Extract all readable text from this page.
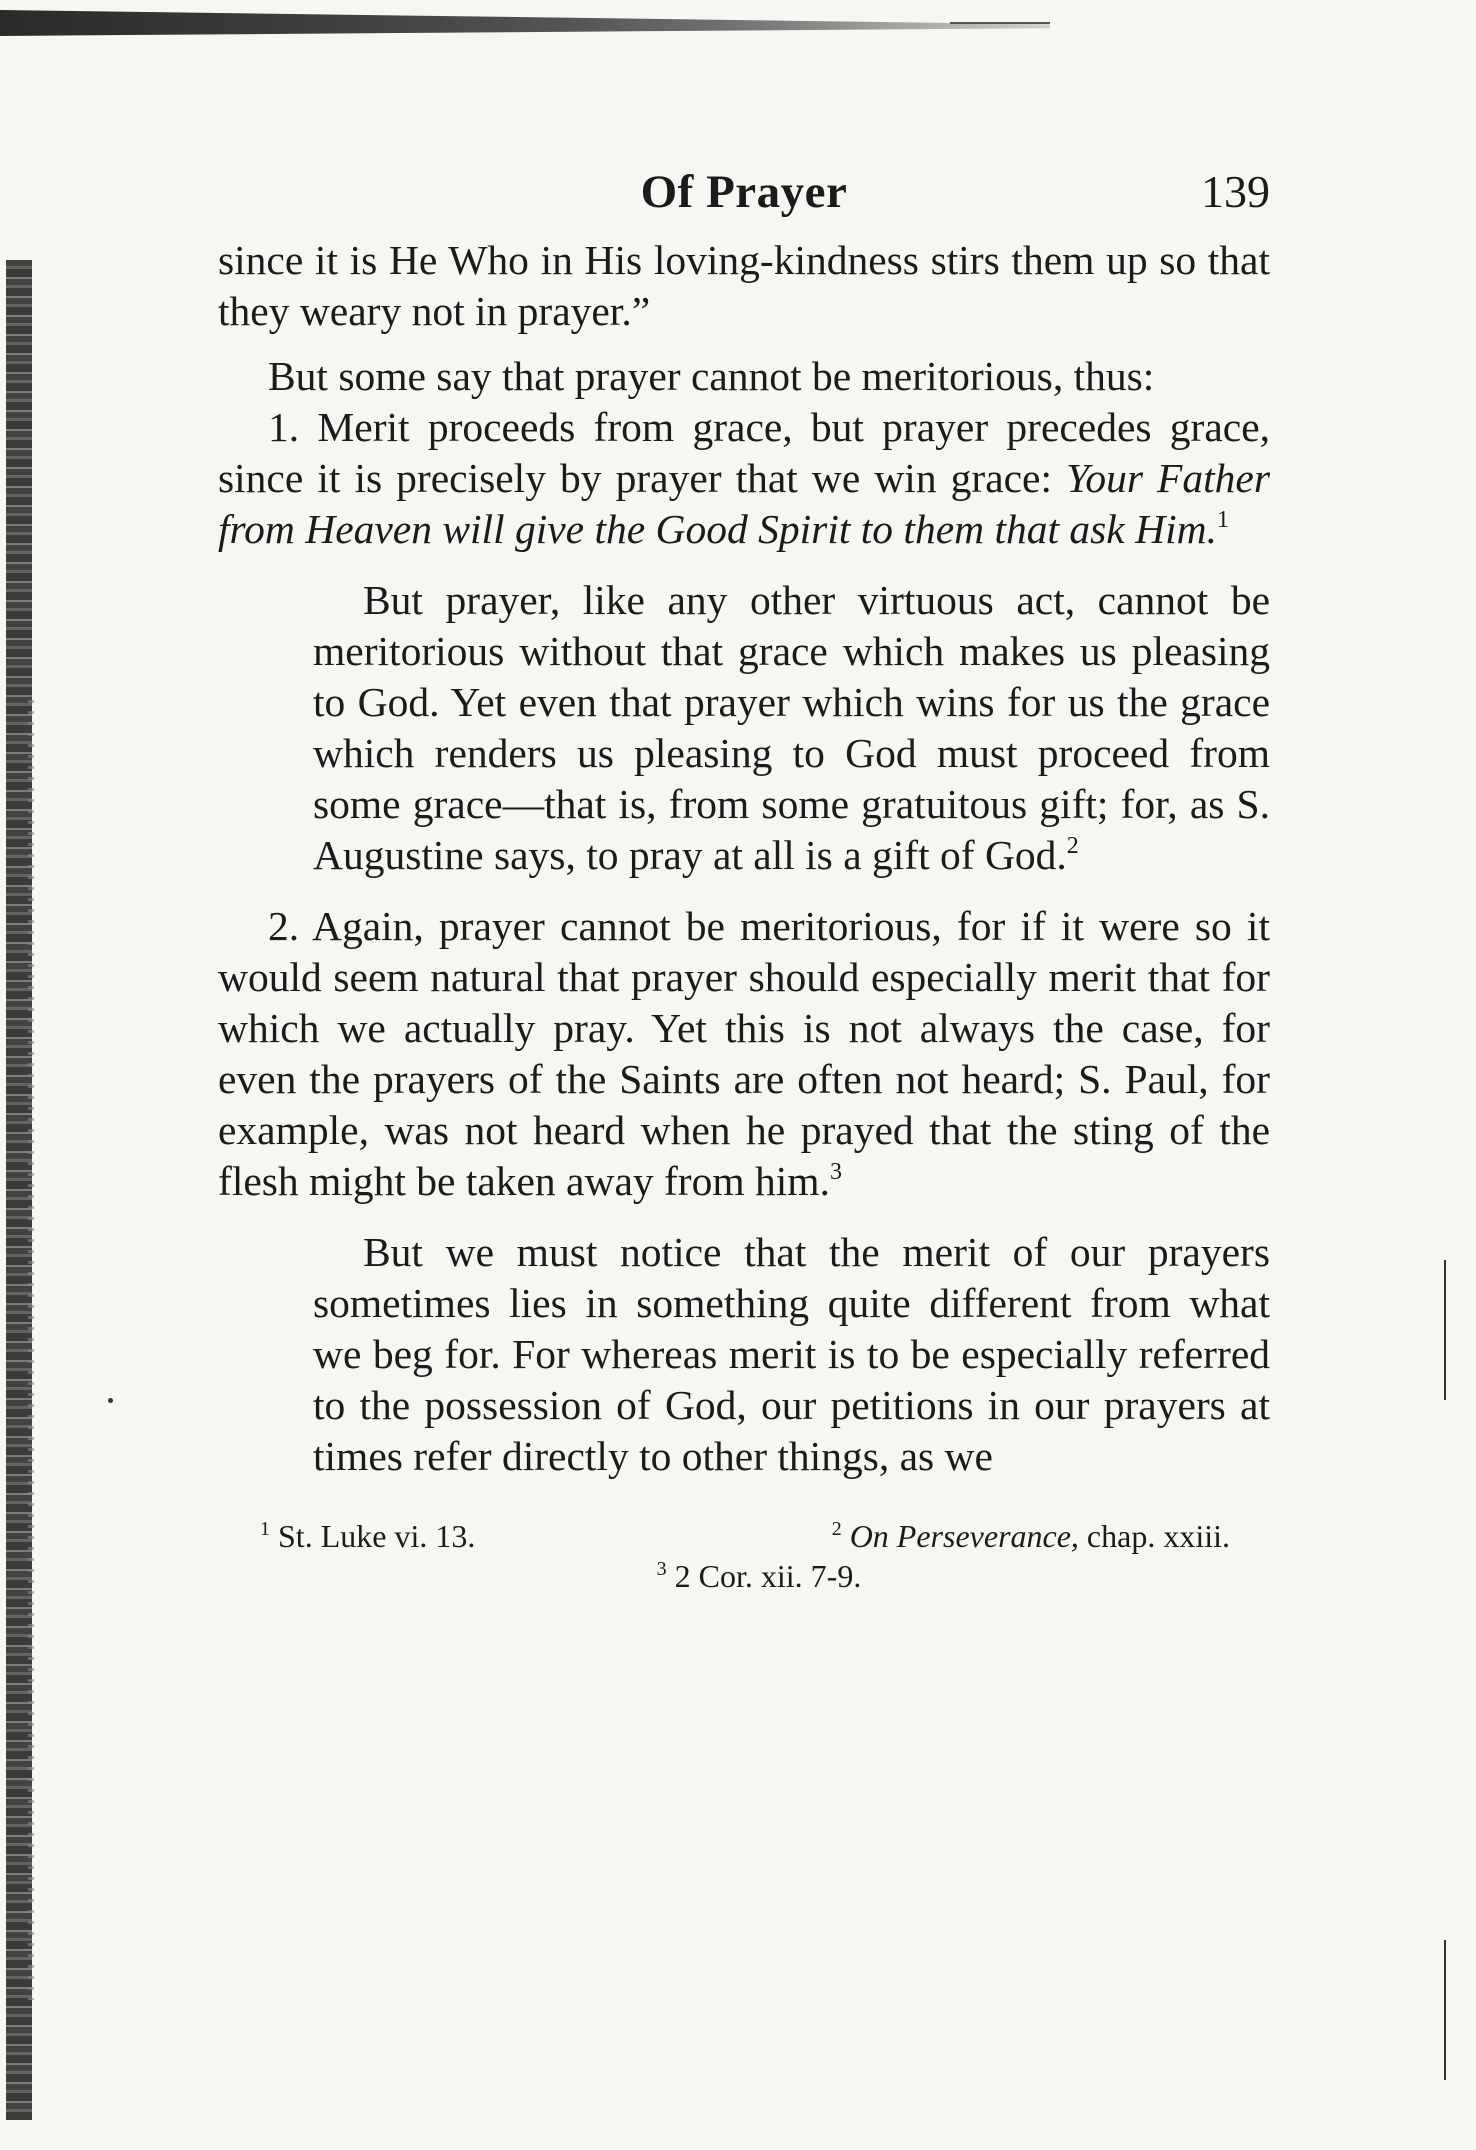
Of Prayer	139

since it is He Who in His loving-kindness stirs them up so that they weary not in prayer.”

But some say that prayer cannot be meritorious, thus:

1. Merit proceeds from grace, but prayer precedes grace, since it is precisely by prayer that we win grace: Your Father from Heaven will give the Good Spirit to them that ask Him.$^1$

But prayer, like any other virtuous act, cannot be meritorious without that grace which makes us pleasing to God. Yet even that prayer which wins for us the grace which renders us pleasing to God must proceed from some grace—that is, from some gratuitous gift; for, as S. Augustine says, to pray at all is a gift of God.$^2$

2. Again, prayer cannot be meritorious, for if it were so it would seem natural that prayer should especially merit that for which we actually pray. Yet this is not always the case, for even the prayers of the Saints are often not heard; S. Paul, for example, was not heard when he prayed that the sting of the flesh might be taken away from him.$^3$

But we must notice that the merit of our prayers sometimes lies in something quite different from what we beg for. For whereas merit is to be especially referred to the possession of God, our petitions in our prayers at times refer directly to other things, as we

$^1$ St. Luke vi. 13.	$^2$ On Perseverance, chap. xxiii.
$^3$ 2 Cor. xii. 7-9.
